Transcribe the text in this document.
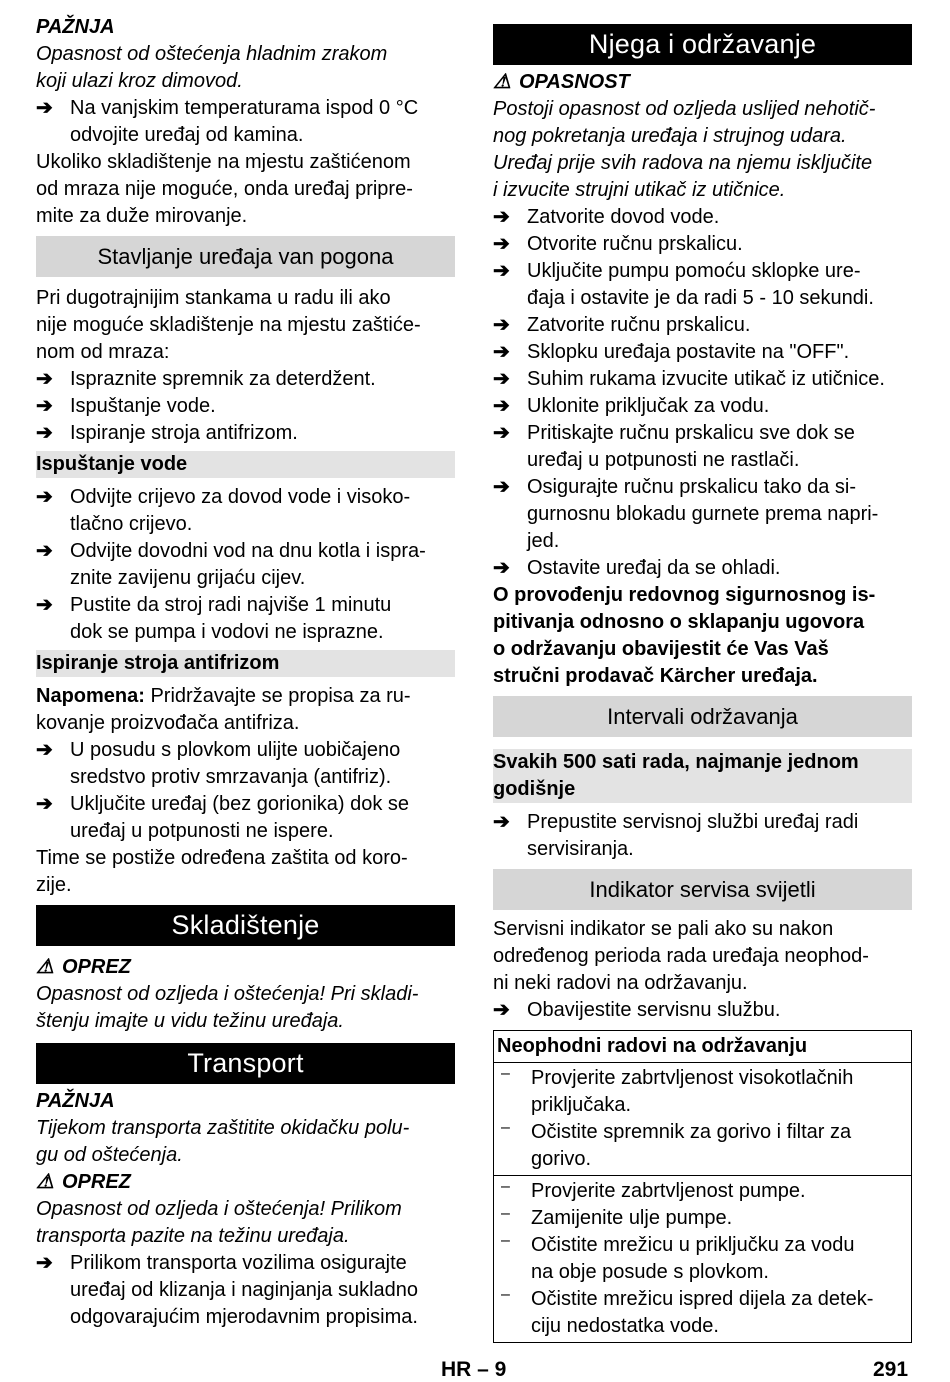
PAŽNJA

Opasnost od oštećenja hladnim zrakom

koji ulazi kroz dimovod.

➔ Na vanjskim temperaturama ispod 0 °C

odvojite uređaj od kamina.

Ukoliko skladištenje na mjestu zaštićenom

od mraza nije moguće, onda uređaj pripre-

mite za duže mirovanje.

Stavljanje uređaja van pogona

Pri dugotrajnijim stankama u radu ili ako

nije moguće skladištenje na mjestu zaštiće-

nom od mraza:

➔ Ispraznite spremnik za deterdžent.

➔ Ispuštanje vode.

➔ Ispiranje stroja antifrizom.

Ispuštanje vode
➔ Odvijte crijevo za dovod vode i visoko-

tlačno crijevo.

➔ Odvijte dovodni vod na dnu kotla i ispra-

znite zavijenu grijaću cijev.

➔ Pustite da stroj radi najviše 1 minutu

dok se pumpa i vodovi ne isprazne.

Ispiranje stroja antifrizom

Napomena: Pridržavajte se propisa za ru-

kovanje proizvođača antifriza.

➔ U posudu s plovkom ulijte uobičajeno

sredstvo protiv smrzavanja (antifriz).

➔ Uključite uređaj (bez gorionika) dok se

uređaj u potpunosti ne ispere.

Time se postiže određena zaštita od koro-

zije.

Skladištenje

⚠ OPREZ

Opasnost od ozljeda i oštećenja! Pri skladi-

štenju imajte u vidu težinu uređaja.

Transport

PAŽNJA

Tijekom transporta zaštitite okidačku polu-

gu od oštećenja.

⚠ OPREZ

Opasnost od ozljeda i oštećenja! Prilikom

transporta pazite na težinu uređaja.

➔ Prilikom transporta vozilima osigurajte

uređaj od klizanja i naginjanja sukladno

odgovarajućim mjerodavnim propisima.

Njega i održavanje

⚠ OPASNOST

Postoji opasnost od ozljeda uslijed nehotič-

nog pokretanja uređaja i strujnog udara.

Uređaj prije svih radova na njemu isključite

i izvucite strujni utikač iz utičnice.

➔ Zatvorite dovod vode.

➔ Otvorite ručnu prskalicu.

➔ Uključite pumpu pomoću sklopke ure-

đaja i ostavite je da radi 5 - 10 sekundi.

➔ Zatvorite ručnu prskalicu.

➔ Sklopku uređaja postavite na "OFF".

➔ Suhim rukama izvucite utikač iz utičnice.

➔ Uklonite priključak za vodu.

➔ Pritiskajte ručnu prskalicu sve dok se

uređaj u potpunosti ne rastlači.

➔ Osigurajte ručnu prskalicu tako da si-

gurnosnu blokadu gurnete prema napri-

jed.

➔ Ostavite uređaj da se ohladi.

O provođenju redovnog sigurnosnog is-

pitivanja odnosno o sklapanju ugovora

o održavanju obavijestit će Vas Vaš

stručni prodavač Kärcher uređaja.

Intervali održavanja

Svakih 500 sati rada, najmanje jednom

godišnje

➔ Prepustite servisnoj službi uređaj radi

servisiranja.

Indikator servisa svijetli

Servisni indikator se pali ako su nakon

određenog perioda rada uređaja neophod-

ni neki radovi na održavanju.

➔ Obavijestite servisnu službu.

Neophodni radovi na održavanju
– Provjerite zabrtvljenost visokotlačnih

priključaka.

– Očistite spremnik za gorivo i filtar za

gorivo.

– Provjerite zabrtvljenost pumpe.

– Zamijenite ulje pumpe.

– Očistite mrežicu u priključku za vodu

na obje posude s plovkom.

– Očistite mrežicu ispred dijela za detek-

ciju nedostatka vode.

HR – 9	291
